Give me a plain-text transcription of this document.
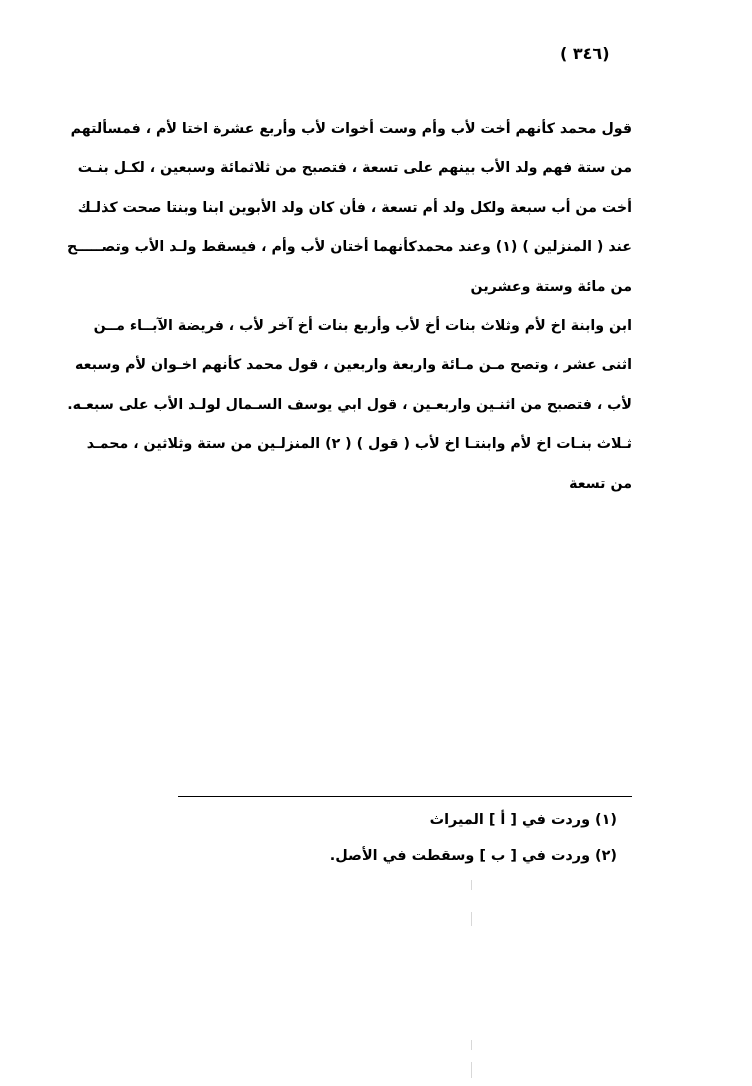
(٣٤٦ )
قول محمد كأنهم أخت لأب وأم وست أخوات لأب وأربع عشرة اختا لأم ، فمسألتهم
من ستة فهم ولد الأب بينهم على تسعة ، فتصبح من ثلاثمائة وسبعين ، لكـل بنـت
أخت من أب سبعة ولكل ولد أم تسعة ، فأن كان ولد الأبوين ابنا وبنتا صحت كذلـك
عند ( المنزلين ) (١) وعند محمدكأنهما أختان لأب وأم ، فيسقط ولـد الأب وتصـــــح
من مائة وستة وعشرين
ابن وابنة اخ لأم وثلاث بنات أخ لأب وأربع بنات أخ آخر لأب ، فريضة الآبــاء مــن
اثنى عشر ، وتصح مـن مـائة واربعة واربعين ، قول محمد كأنهم اخـوان لأم وسبعه
لأب ، فتصبح من اثنـين واربعـين ، قول ابي يوسف السـمال لولـد الأب على سبعـه.
ثـلاث بنـات اخ لأم وابنتـا اخ لأب ( قول ) ( ٢) المنزلـين من ستة وثلاثين ، محمـد
من تسعة
(١) وردت في [ أ ] الميراث
(٢) وردت في [ ب ] وسقطت في الأصل.
